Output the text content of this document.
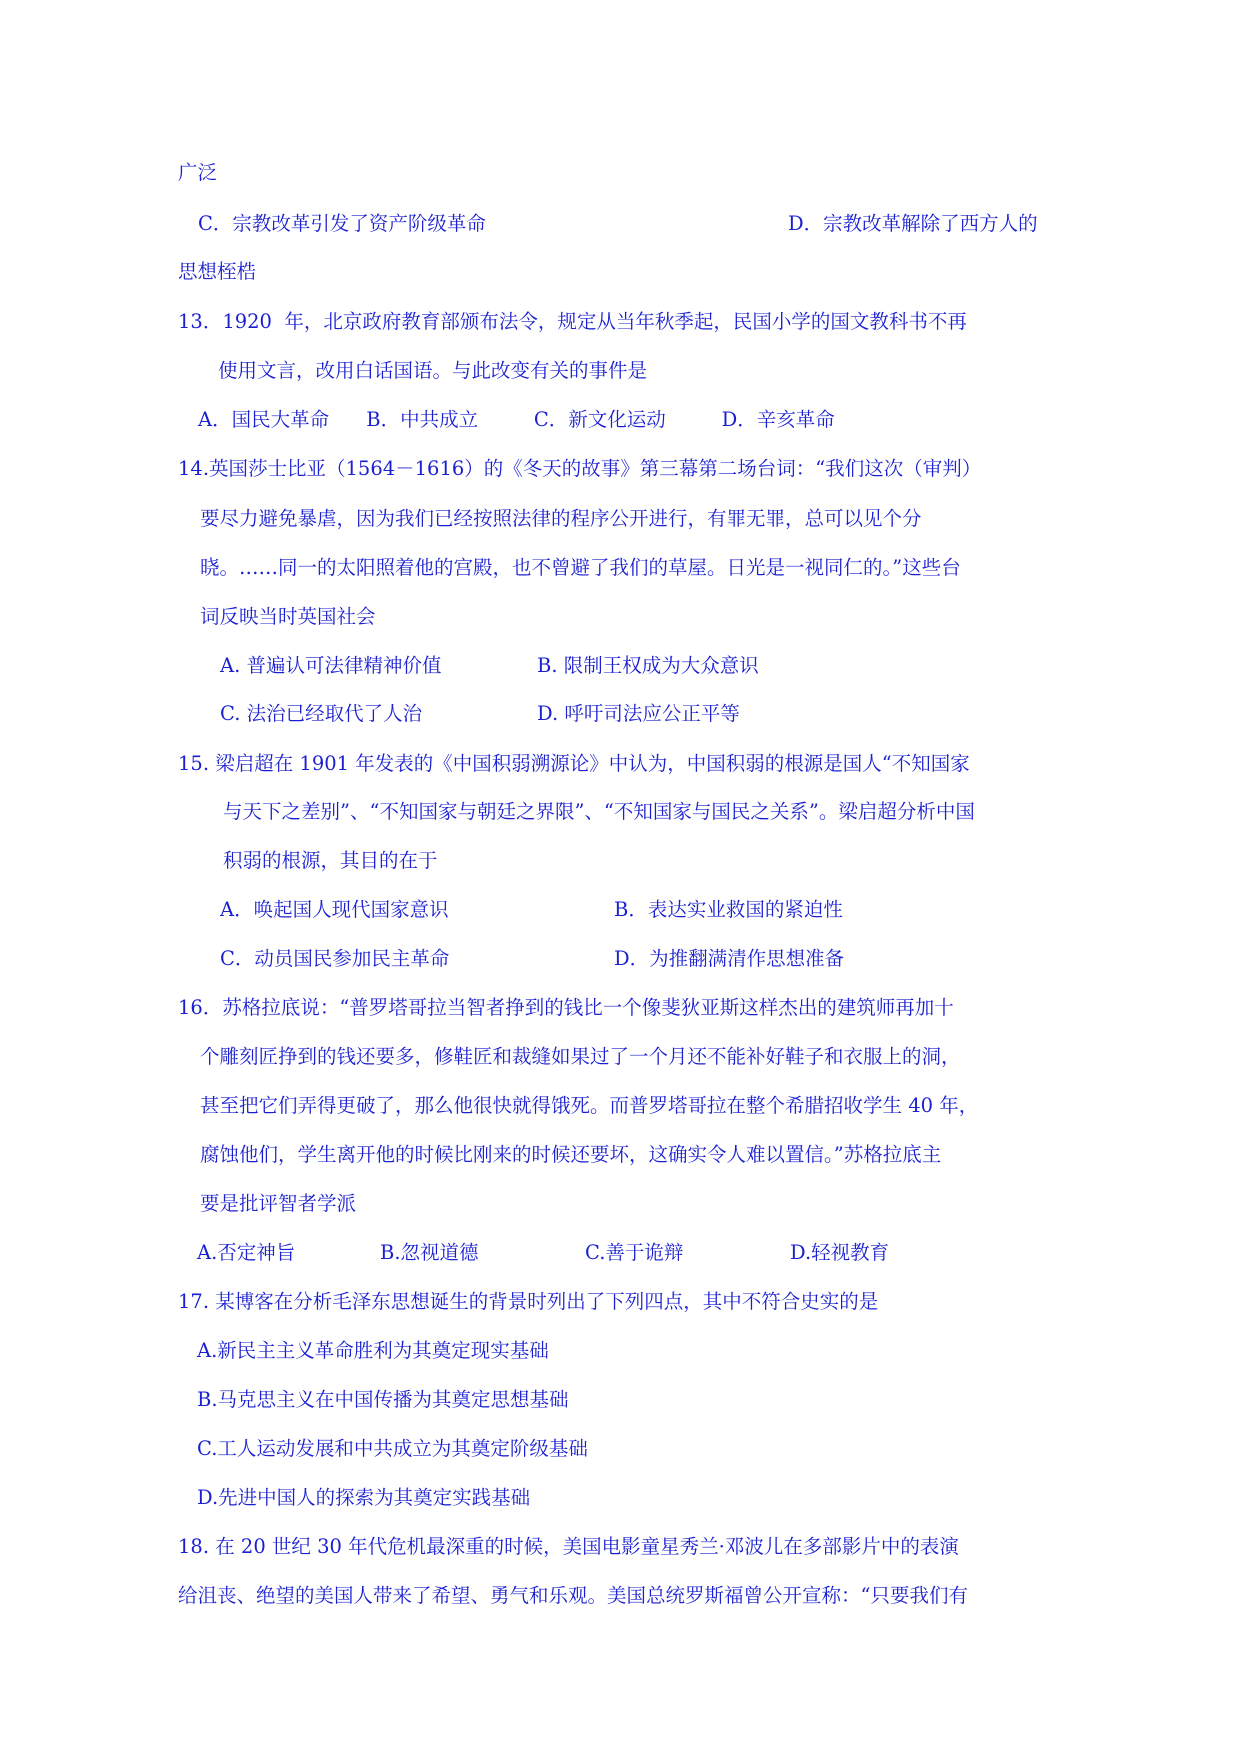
广泛
C．宗教改革引发了资产阶级革命	D．宗教改革解除了西方人的
思想桎梏
13．1920  年，北京政府教育部颁布法令，规定从当年秋季起，民国小学的国文教科书不再
使用文言，改用白话国语。与此改变有关的事件是
A．国民大革命      B．中共成立         C．新文化运动         D．辛亥革命
14.英国莎士比亚（1564－1616）的《冬天的故事》第三幕第二场台词：“我们这次（审判）
要尽力避免暴虐，因为我们已经按照法律的程序公开进行，有罪无罪，总可以见个分
晓。……同一的太阳照着他的宫殿，也不曾避了我们的草屋。日光是一视同仁的。”这些台
词反映当时英国社会
A. 普遍认可法律精神价值	B. 限制王权成为大众意识
C. 法治已经取代了人治	D. 呼吁司法应公正平等
15. 梁启超在 1901 年发表的《中国积弱溯源论》中认为，中国积弱的根源是国人“不知国家
与天下之差别”、“不知国家与朝廷之界限”、“不知国家与国民之关系”。梁启超分析中国
积弱的根源，其目的在于
A．唤起国人现代国家意识	B．表达实业救国的紧迫性
C．动员国民参加民主革命	D．为推翻满清作思想准备
16．苏格拉底说：“普罗塔哥拉当智者挣到的钱比一个像斐狄亚斯这样杰出的建筑师再加十
个雕刻匠挣到的钱还要多，修鞋匠和裁缝如果过了一个月还不能补好鞋子和衣服上的洞，
甚至把它们弄得更破了，那么他很快就得饿死。而普罗塔哥拉在整个希腊招收学生 40 年，
腐蚀他们，学生离开他的时候比刚来的时候还要坏，这确实令人难以置信。”苏格拉底主
要是批评智者学派
A.否定神旨	B.忽视道德	C.善于诡辩	D.轻视教育
17. 某博客在分析毛泽东思想诞生的背景时列出了下列四点，其中不符合史实的是
A.新民主主义革命胜利为其奠定现实基础
B.马克思主义在中国传播为其奠定思想基础
C.工人运动发展和中共成立为其奠定阶级基础
D.先进中国人的探索为其奠定实践基础
18. 在 20 世纪 30 年代危机最深重的时候，美国电影童星秀兰·邓波儿在多部影片中的表演
给沮丧、绝望的美国人带来了希望、勇气和乐观。美国总统罗斯福曾公开宣称：“只要我们有
